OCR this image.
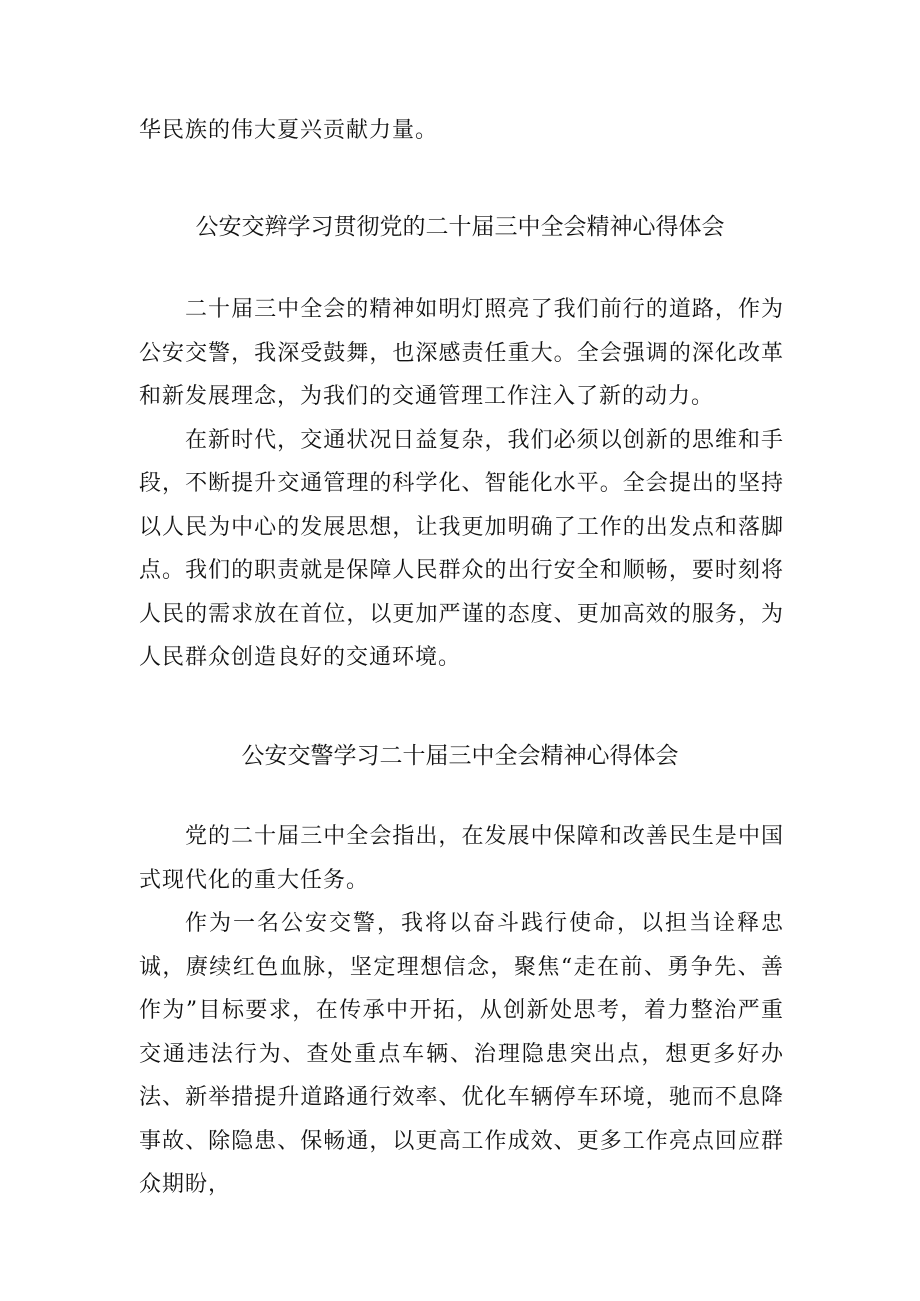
华民族的伟大夏兴贡献力量。

公安交辫学习贯彻党的二十届三中全会精神心得体会

二十届三中全会的精神如明灯照亮了我们前行的道路，作为公安交警，我深受鼓舞，也深感责任重大。全会强调的深化改革和新发展理念，为我们的交通管理工作注入了新的动力。

在新时代，交通状况日益复杂，我们必须以创新的思维和手段，不断提升交通管理的科学化、智能化水平。全会提出的坚持以人民为中心的发展思想，让我更加明确了工作的出发点和落脚点。我们的职责就是保障人民群众的出行安全和顺畅，要时刻将人民的需求放在首位，以更加严谨的态度、更加高效的服务，为人民群众创造良好的交通环境。

公安交警学习二十届三中全会精神心得体会

党的二十届三中全会指出，在发展中保障和改善民生是中国式现代化的重大任务。

作为一名公安交警，我将以奋斗践行使命，以担当诠释忠诚，赓续红色血脉，坚定理想信念，聚焦“走在前、勇争先、善作为”目标要求，在传承中开拓，从创新处思考，着力整治严重交通违法行为、查处重点车辆、治理隐患突出点，想更多好办法、新举措提升道路通行效率、优化车辆停车环境，驰而不息降事故、除隐患、保畅通，以更高工作成效、更多工作亮点回应群众期盼，
